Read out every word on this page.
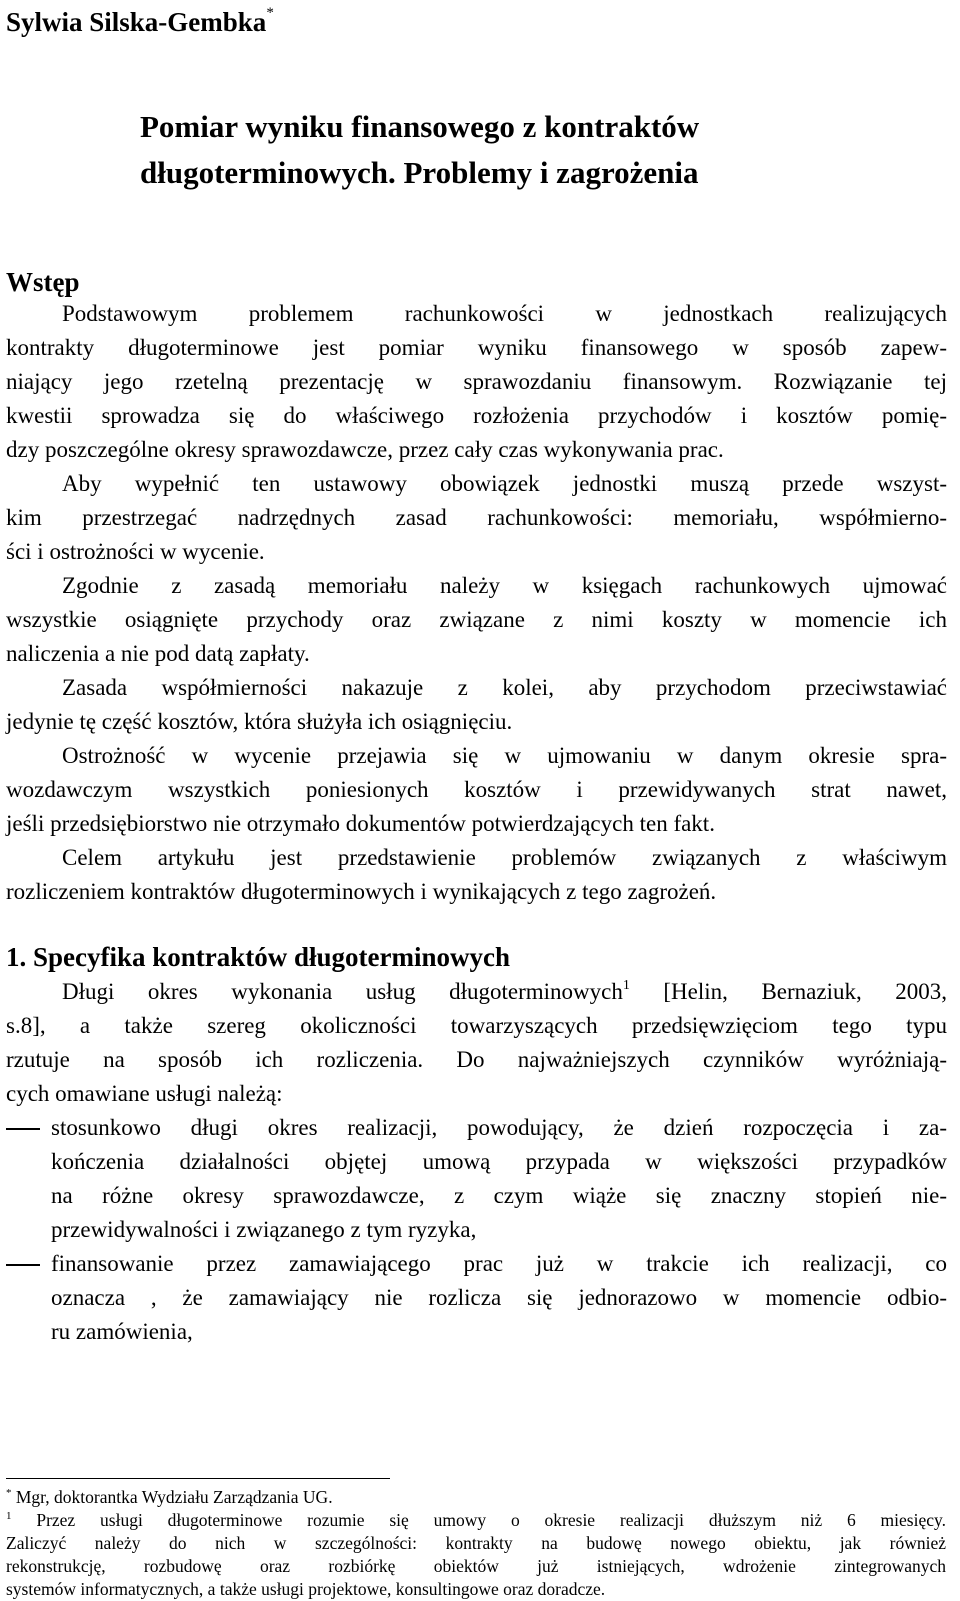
Sylwia Silska-Gembka*
Pomiar wyniku finansowego z kontraktów
długoterminowych. Problemy i zagrożenia
Wstęp
Podstawowym problemem rachunkowości w jednostkach realizujących
kontrakty długoterminowe jest pomiar wyniku finansowego w sposób zapew-
niający jego rzetelną prezentację w sprawozdaniu finansowym. Rozwiązanie tej
kwestii sprowadza się do właściwego rozłożenia przychodów i kosztów pomię-
dzy poszczególne okresy sprawozdawcze, przez cały czas wykonywania prac.
Aby wypełnić ten ustawowy obowiązek jednostki muszą przede wszyst-
kim przestrzegać nadrzędnych zasad rachunkowości: memoriału, współmierno-
ści i ostrożności w wycenie.
Zgodnie z zasadą memoriału należy w księgach rachunkowych ujmować
wszystkie osiągnięte przychody oraz związane z nimi koszty w momencie ich
naliczenia a nie pod datą zapłaty.
Zasada współmierności nakazuje z kolei, aby przychodom przeciwstawiać
jedynie tę część kosztów, która służyła ich osiągnięciu.
Ostrożność w wycenie przejawia się w ujmowaniu w danym okresie spra-
wozdawczym wszystkich poniesionych kosztów i przewidywanych strat nawet,
jeśli przedsiębiorstwo nie otrzymało dokumentów potwierdzających ten fakt.
Celem artykułu jest przedstawienie problemów związanych z właściwym
rozliczeniem kontraktów długoterminowych i wynikających z tego zagrożeń.
1. Specyfika kontraktów długoterminowych
Długi okres wykonania usług długoterminowych$^1$ [Helin, Bernaziuk, 2003,
s.8], a także szereg okoliczności towarzyszących przedsięwzięciom tego typu
rzutuje na sposób ich rozliczenia. Do najważniejszych czynników wyróżniają-
cych omawiane usługi należą:
stosunkowo długi okres realizacji, powodujący, że dzień rozpoczęcia i za-
kończenia działalności objętej umową przypada w większości przypadków
na różne okresy sprawozdawcze, z czym wiąże się znaczny stopień nie-
przewidywalności i związanego z tym ryzyka,
finansowanie przez zamawiającego prac już w trakcie ich realizacji, co
oznacza , że zamawiający nie rozlicza się jednorazowo w momencie odbio-
ru zamówienia,
* Mgr, doktorantka Wydziału Zarządzania UG.
$^1$ Przez usługi długoterminowe rozumie się umowy o okresie realizacji dłuższym niż 6 miesięcy.
Zaliczyć należy do nich w szczególności: kontrakty na budowę nowego obiektu, jak również
rekonstrukcję, rozbudowę oraz rozbiórkę obiektów już istniejących, wdrożenie zintegrowanych
systemów informatycznych, a także usługi projektowe, konsultingowe oraz doradcze.
